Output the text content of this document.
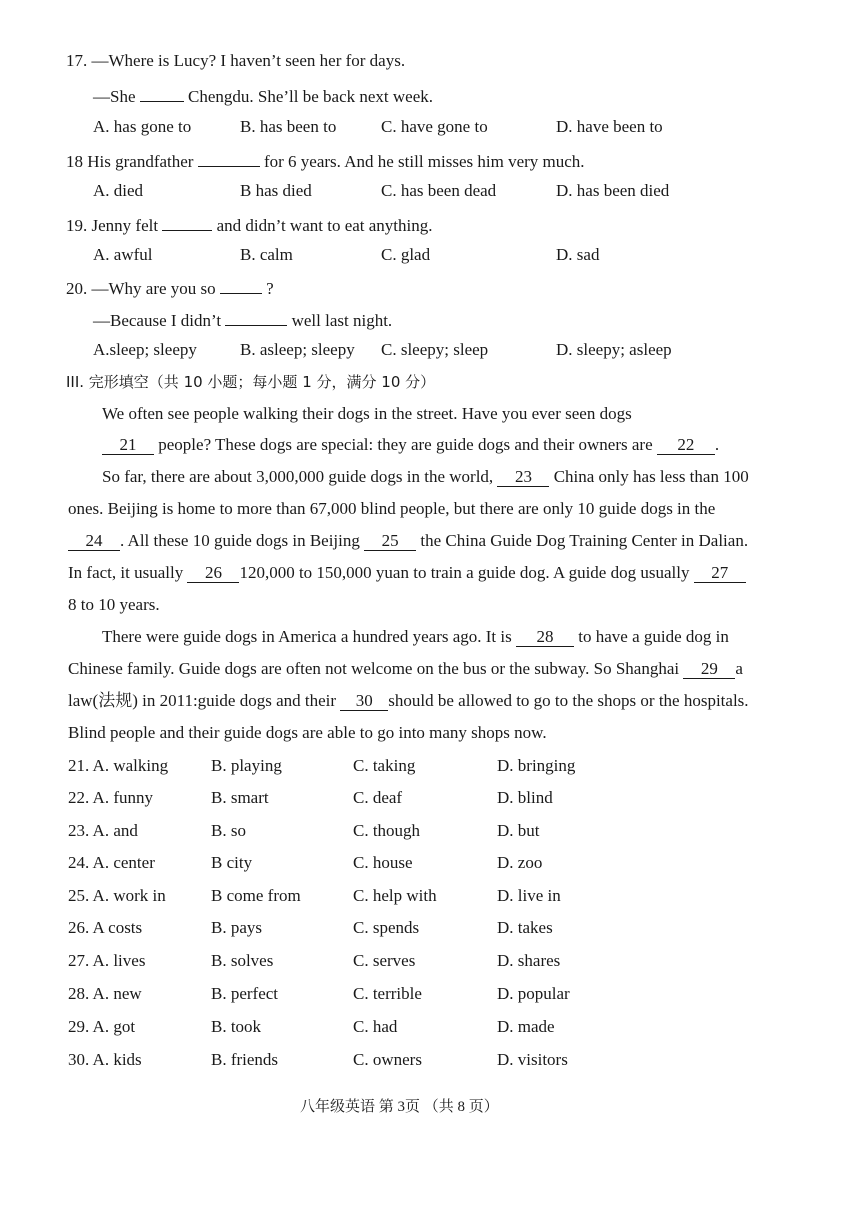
17. —Where is Lucy? I haven’t seen her for days.
—She	Chengdu. She’ll be back next week.
A. has gone to	B. has been to	C. have gone to	D. have been to
18 His grandfather	for 6 years. And he still misses him very much.
A. died	B has died	C. has been dead	D. has been died
19. Jenny felt	and didn’t want to eat anything.
A. awful	B. calm	C. glad	D. sad
20. —Why are you so	?
—Because I didn’t	well last night.
A.sleep; sleepy	B. asleep; sleepy C. sleepy; sleep	D. sleepy; asleep
III. 完形填空（共 10 小题；每小题 1 分，满分 10 分）
We often see people walking their dogs in the street. Have you ever seen dogs
21 people? These dogs are special: they are guide dogs and their owners are 22 .
So far, there are about 3,000,000 guide dogs in the world, 23 China only has less than 100
ones. Beijing is home to more than 67,000 blind people, but there are only 10 guide dogs in the
24 . All these 10 guide dogs in Beijing 25 the China Guide Dog Training Center in Dalian.
In fact, it usually 26 120,000 to 150,000 yuan to train a guide dog. A guide dog usually 27
8 to 10 years.
There were guide dogs in America a hundred years ago. It is 28 to have a guide dog in
Chinese family. Guide dogs are often not welcome on the bus or the subway. So Shanghai 29 a
law(法规) in 2011:guide dogs and their 30 should be allowed to go to the shops or the hospitals.
Blind people and their guide dogs are able to go into many shops now.
21. A. walking	B. playing	C. taking	D. bringing
22. A. funny	B. smart	C. deaf	D. blind
23. A. and	B. so	C. though	D. but
24. A. center	B city	C. house	D. zoo
25. A. work in	B come from	C. help with	D. live in
26. A costs	B. pays	C. spends	D. takes
27. A. lives	B. solves	C. serves	D. shares
28. A. new	B. perfect	C. terrible	D. popular
29. A. got	B. took	C. had	D. made
30. A. kids	B. friends	C. owners	D. visitors
八年级英语 第 3页 （共 8 页）
